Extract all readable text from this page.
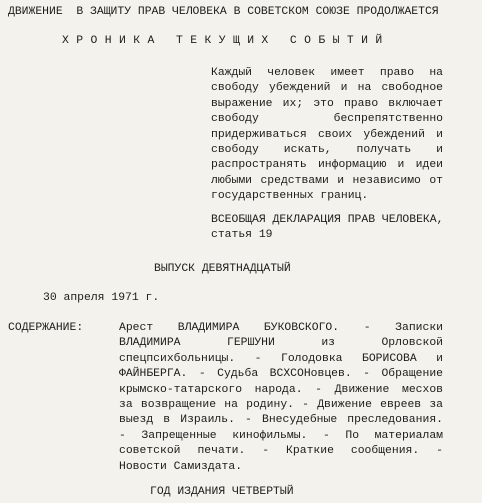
ДВИЖЕНИЕ  В ЗАЩИТУ ПРАВ ЧЕЛОВЕКА В СОВЕТСКОМ СОЮЗЕ ПРОДОЛЖАЕТСЯ
ХРОНИКА ТЕКУЩИХ СОБЫТИЙ
Каждый человек имеет право на
свободу убеждений и на свободное
выражение их; это право включает
свободу беспрепятственно
придерживаться своих убеждений и
свободу искать, получать и
распространять информацию и идеи
любыми средствами и независимо от
государственных границ.
ВСЕОБЩАЯ ДЕКЛАРАЦИЯ ПРАВ ЧЕЛОВЕКА,
статья 19
ВЫПУСК ДЕВЯТНАДЦАТЫЙ
30 апреля 1971 г.
СОДЕРЖАНИЕ:	Арест ВЛАДИМИРА БУКОВСКОГО. - Записки
ВЛАДИМИРА ГЕРШУНИ из Орловской
спецпсихбольницы. - Голодовка БОРИСОВА и
ФАЙНБЕРГА. - Судьба ВСХСОНовцев. - Обращение
крымско-татарского народа. - Движение месхов
за возвращение на родину. - Движение евреев за
выезд в Израиль. - Внесудебные преследования.
- Запрещенные кинофильмы. - По материалам
советской печати. - Краткие сообщения. -
Новости Самиздата.
ГОД ИЗДАНИЯ ЧЕТВЕРТЫЙ
